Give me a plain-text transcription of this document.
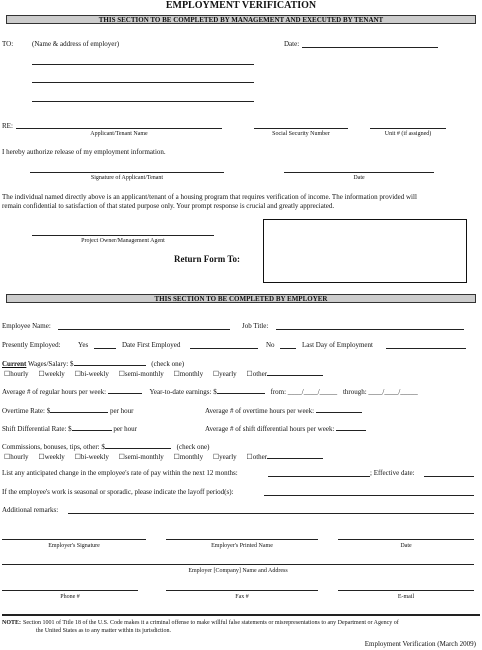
EMPLOYMENT VERIFICATION
THIS SECTION TO BE COMPLETED BY MANAGEMENT AND EXECUTED BY TENANT
TO:	(Name & address of employer)	Date:
RE:
Applicant/Tenant Name	Social Security Number	Unit # (if assigned)
I hereby authorize release of my employment information.
Signature of Applicant/Tenant	Date
The individual named directly above is an applicant/tenant of a housing program that requires verification of income. The information provided will
remain confidential to satisfaction of that stated purpose only. Your prompt response is crucial and greatly appreciated.
Project Owner/Management Agent
Return Form To:
THIS SECTION TO BE COMPLETED BY EMPLOYER
Employee Name:	Job Title:
Presently Employed: Yes	Date First Employed	No	Last Day of Employment
Current Wages/Salary: $	(check one)
☐hourly ☐weekly ☐bi-weekly ☐semi-monthly ☐monthly ☐yearly ☐other
Average # of regular hours per week:	Year-to-date earnings: $	from: ____/____/_____ through: ____/____/_____
Overtime Rate: $	per hour	Average # of overtime hours per week:
Shift Differential Rate: $	per hour	Average # of shift differential hours per week:
Commissions, bonuses, tips, other: $	(check one)
☐hourly ☐weekly ☐bi-weekly ☐semi-monthly ☐monthly ☐yearly ☐other
List any anticipated change in the employee's rate of pay within the next 12 months:	; Effective date:
If the employee's work is seasonal or sporadic, please indicate the layoff period(s):
Additional remarks:
Employer's Signature	Employer's Printed Name	Date
Employer [Company] Name and Address
Phone #	Fax #	E-mail
NOTE: Section 1001 of Title 18 of the U.S. Code makes it a criminal offense to make willful false statements or misrepresentations to any Department or Agency of
the United States as to any matter within its jurisdiction.
Employment Verification (March 2009)
